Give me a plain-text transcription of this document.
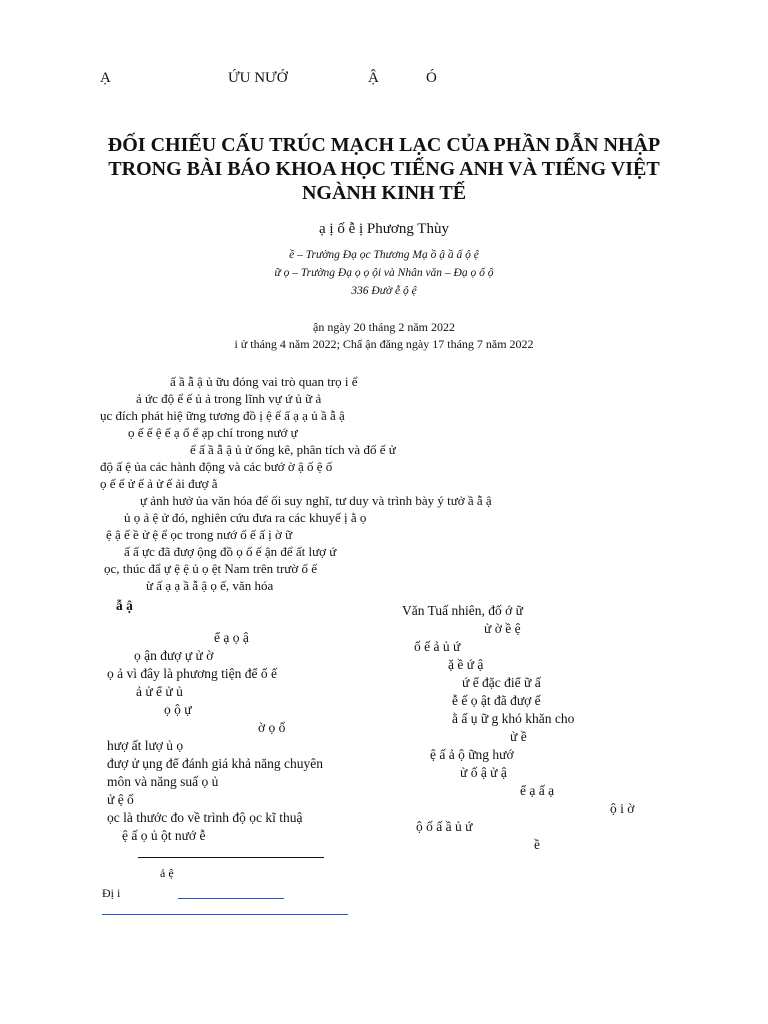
Ạ	ỨU NƯỚ	Ậ	Ó
ĐỐI CHIẾU CẤU TRÚC MẠCH LẠC CỦA PHẦN DẪN NHẬP
TRONG BÀI BÁO KHOA HỌC TIẾNG ANH VÀ TIẾNG VIỆT
NGÀNH KINH TẾ
ạ ị ố ễ ị Phương Thùy
ề – Trường Đạ ọc Thương Mạ ồ ậ ầ ấ ộ ệ
ữ ọ – Trường Đạ ọ ọ ội và Nhân văn – Đạ ọ ố ộ
336 Đườ ễ ộ ệ
ận ngày 20 tháng 2 năm 2022
i ử tháng 4 năm 2022; Chấ ận đăng ngày 17 tháng 7 năm 2022
ấ ầ ẫ ậ ủ ữu đóng vai trò quan trọ i ể
ả ức độ ể ế ủ ả trong lĩnh vự ứ ủ ữ ả
ục đích phát hiệ ững tương đồ ị ệ ể ấ ạ ạ ủ ầ ẫ ậ
ọ ế ế ệ ế ạ ố ể ạp chí trong nướ ự
ể ấ ầ ẫ ậ ủ ử ống kê, phân tích và đố ế ử
độ ấ ệ ủa các hành động và các bướ ờ ậ ố ệ ố
ọ ế ể ử ế ả ử ế ải đượ ằ
ự ảnh hưở ủa văn hóa để ối suy nghĩ, tư duy và trình bày ý tưở ầ ẫ ậ
ủ ọ ả ệ ử đó, nghiên cứu đưa ra các khuyế ị ằ ọ
ệ ậ ế ề ử ệ ể ọc trong nướ ố ế ấ ị ờ ữ
ấ ấ ực đã đượ ộng đồ ọ ố ế ận để ất lượ ứ
ọc, thúc đẩ ự ệ ệ ủ ọ ệt Nam trên trườ ố ế
ừ ấ ạ ạ ầ ẫ ậ ọ ế, văn hóa
ẫ ậ
ể ạ ọ ậ
ọ ận đượ ự ử ờ
ọ ả vì đây là phương tiện để ố ế
ả ử ể ử ủ
ọ ộ ự
ờ ọ ố
hượ ất lượ ủ ọ
đượ ử ụng để đánh giá khả năng chuyên
môn và năng suấ ọ ủ
ử ệ ố
ọc là thước đo về trình độ ọc kĩ thuậ
ệ ấ ọ ủ ột nướ ễ
Văn Tuấ nhiên, đố ớ ữ
ử ờ ề ệ
ố ế ả ủ ứ
ặ ề ứ ậ
ứ ể đặc điể ữ ấ
ễ ế ọ ật đã đượ ế
ằ ấ ụ ữ g khó khăn cho
ử ề
ệ ấ ả ộ ững hướ
ử ố ậ ử ậ
ể ạ ấ ạ
ộ i ờ
ộ ố ấ ầ ủ ứ
ề
ả ệ
Đị i
